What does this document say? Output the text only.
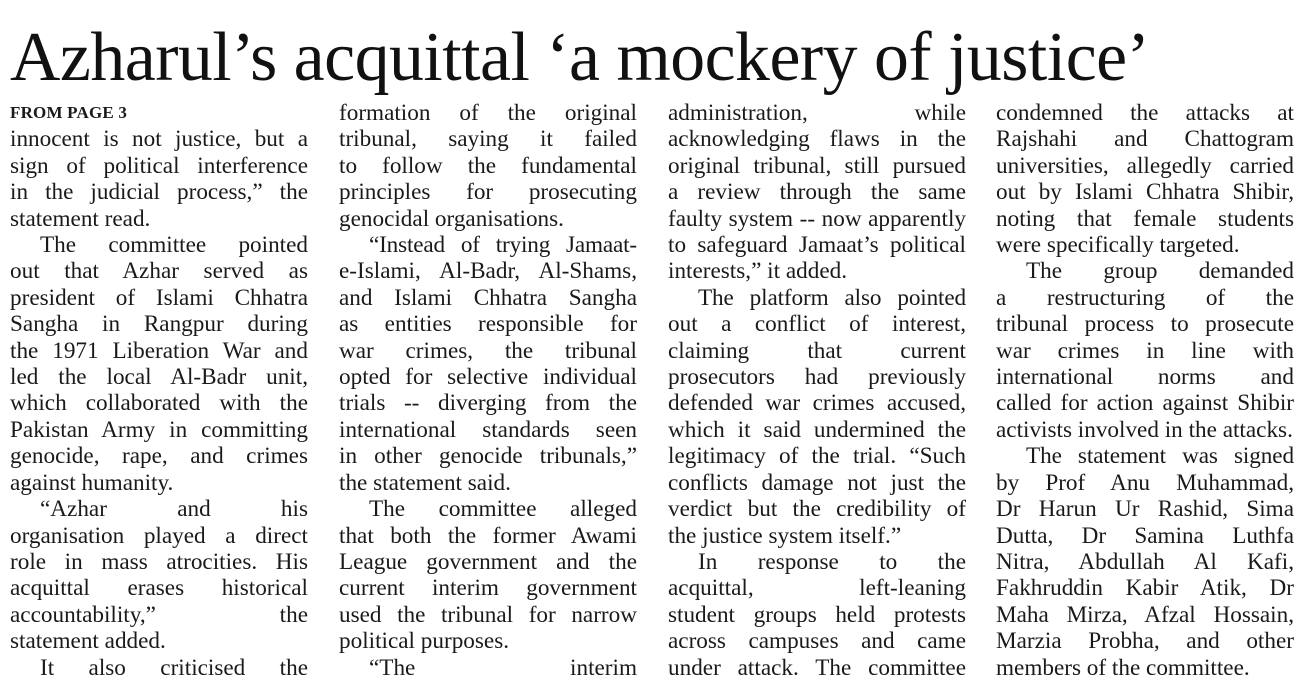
Azharul’s acquittal ‘a mockery of justice’

FROM PAGE 3

innocent is not justice, but a

sign of political interference

in the judicial process,” the

statement read.

The committee pointed

out that Azhar served as

president of Islami Chhatra

Sangha in Rangpur during

the 1971 Liberation War and

led the local Al-Badr unit,

which collaborated with the

Pakistan Army in committing

genocide, rape, and crimes

against humanity.

“Azhar and his

organisation played a direct

role in mass atrocities. His

acquittal erases historical

accountability,” the

statement added.

It also criticised the

formation of the original

tribunal, saying it failed

to follow the fundamental

principles for prosecuting

genocidal organisations.

“Instead of trying Jamaat-

e-Islami, Al-Badr, Al-Shams,

and Islami Chhatra Sangha

as entities responsible for

war crimes, the tribunal

opted for selective individual

trials -- diverging from the

international standards seen

in other genocide tribunals,”

the statement said.

The committee alleged

that both the former Awami

League government and the

current interim government

used the tribunal for narrow

political purposes.

“The interim

administration, while

acknowledging flaws in the

original tribunal, still pursued

a review through the same

faulty system -- now apparently

to safeguard Jamaat’s political

interests,” it added.

The platform also pointed

out a conflict of interest,

claiming that current

prosecutors had previously

defended war crimes accused,

which it said undermined the

legitimacy of the trial. “Such

conflicts damage not just the

verdict but the credibility of

the justice system itself.”

In response to the

acquittal, left-leaning

student groups held protests

across campuses and came

under attack. The committee

condemned the attacks at

Rajshahi and Chattogram

universities, allegedly carried

out by Islami Chhatra Shibir,

noting that female students

were specifically targeted.

The group demanded

a restructuring of the

tribunal process to prosecute

war crimes in line with

international norms and

called for action against Shibir

activists involved in the attacks.

The statement was signed

by Prof Anu Muhammad,

Dr Harun Ur Rashid, Sima

Dutta, Dr Samina Luthfa

Nitra, Abdullah Al Kafi,

Fakhruddin Kabir Atik, Dr

Maha Mirza, Afzal Hossain,

Marzia Probha, and other

members of the committee.
